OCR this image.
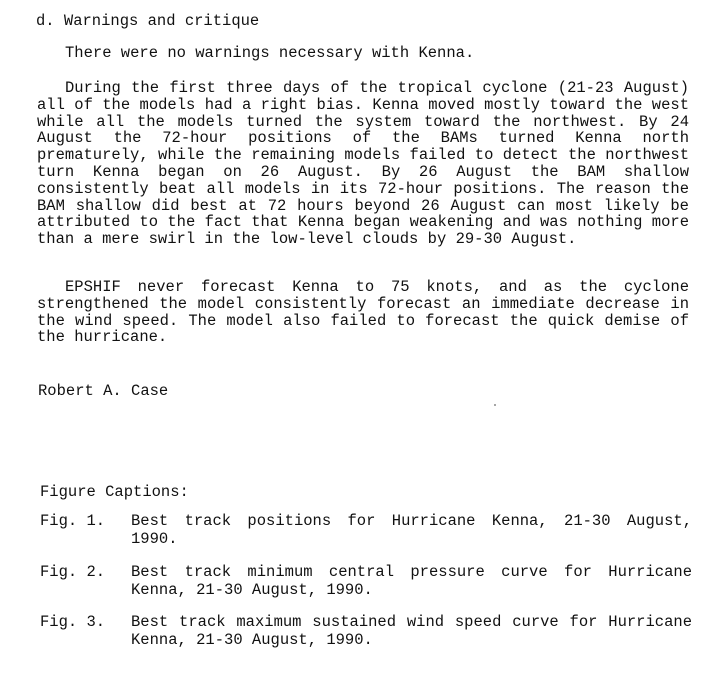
d. Warnings and critique

There were no warnings necessary with Kenna.

During the first three days of the tropical cyclone (21-23 August) all of the models had a right bias. Kenna moved mostly toward the west while all the models turned the system toward the northwest. By 24 August the 72-hour positions of the BAMs turned Kenna north prematurely, while the remaining models failed to detect the northwest turn Kenna began on 26 August. By 26 August the BAM shallow consistently beat all models in its 72-hour positions. The reason the BAM shallow did best at 72 hours beyond 26 August can most likely be attributed to the fact that Kenna began weakening and was nothing more than a mere swirl in the low-level clouds by 29-30 August.

EPSHIF never forecast Kenna to 75 knots, and as the cyclone strengthened the model consistently forecast an immediate decrease in the wind speed. The model also failed to forecast the quick demise of the hurricane.

Robert A. Case
Figure Captions:
Fig. 1. Best track positions for Hurricane Kenna, 21-30 August, 1990.
Fig. 2. Best track minimum central pressure curve for Hurricane Kenna, 21-30 August, 1990.
Fig. 3. Best track maximum sustained wind speed curve for Hurricane Kenna, 21-30 August, 1990.
